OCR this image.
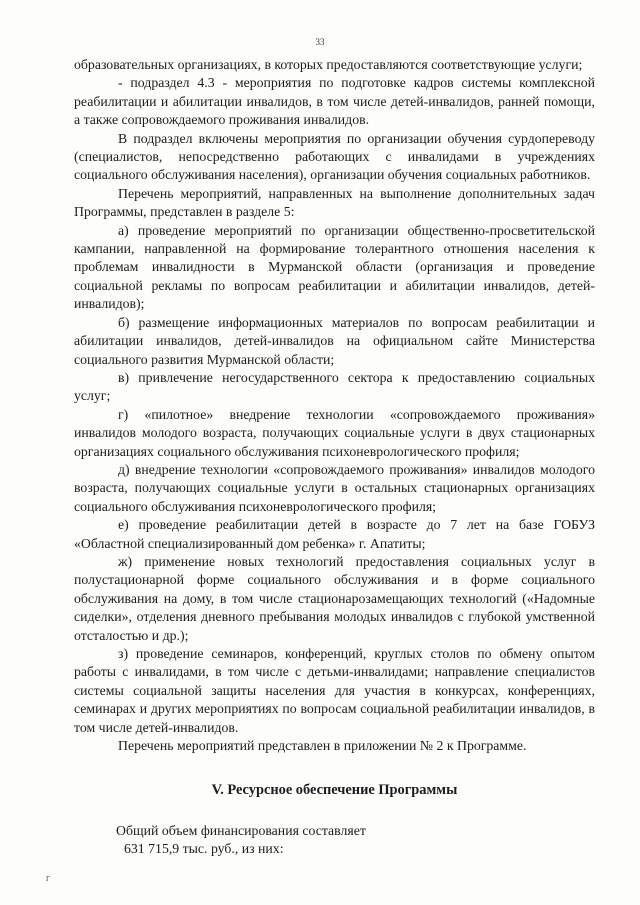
33

образовательных организациях, в которых предоставляются соответствующие услуги;

- подраздел 4.3 - мероприятия по подготовке кадров системы комплексной реабилитации и абилитации инвалидов, в том числе детей-инвалидов, ранней помощи, а также сопровождаемого проживания инвалидов.

В подраздел включены мероприятия по организации обучения сурдопереводу (специалистов, непосредственно работающих с инвалидами в учреждениях социального обслуживания населения), организации обучения социальных работников.

Перечень мероприятий, направленных на выполнение дополнительных задач Программы, представлен в разделе 5:

а) проведение мероприятий по организации общественно-просветительской кампании, направленной на формирование толерантного отношения населения к проблемам инвалидности в Мурманской области (организация и проведение социальной рекламы по вопросам реабилитации и абилитации инвалидов, детей-инвалидов);

б) размещение информационных материалов по вопросам реабилитации и абилитации инвалидов, детей-инвалидов на официальном сайте Министерства социального развития Мурманской области;

в) привлечение негосударственного сектора к предоставлению социальных услуг;

г) «пилотное» внедрение технологии «сопровождаемого проживания» инвалидов молодого возраста, получающих социальные услуги в двух стационарных организациях социального обслуживания психоневрологического профиля;

д) внедрение технологии «сопровождаемого проживания» инвалидов молодого возраста, получающих социальные услуги в остальных стационарных организациях социального обслуживания психоневрологического профиля;

е) проведение реабилитации детей в возрасте до 7 лет на базе ГОБУЗ «Областной специализированный дом ребенка» г. Апатиты;

ж) применение новых технологий предоставления социальных услуг в полустационарной форме социального обслуживания и в форме социального обслуживания на дому, в том числе стационарозамещающих технологий («Надомные сиделки», отделения дневного пребывания молодых инвалидов с глубокой умственной отсталостью и др.);

з) проведение семинаров, конференций, круглых столов по обмену опытом работы с инвалидами, в том числе с детьми-инвалидами; направление специалистов системы социальной защиты населения для участия в конкурсах, конференциях, семинарах и других мероприятиях по вопросам социальной реабилитации инвалидов, в том числе детей-инвалидов.

Перечень мероприятий представлен в приложении № 2 к Программе.

V. Ресурсное обеспечение Программы

Общий объем финансирования составляет

631 715,9 тыс. руб., из них:

г
